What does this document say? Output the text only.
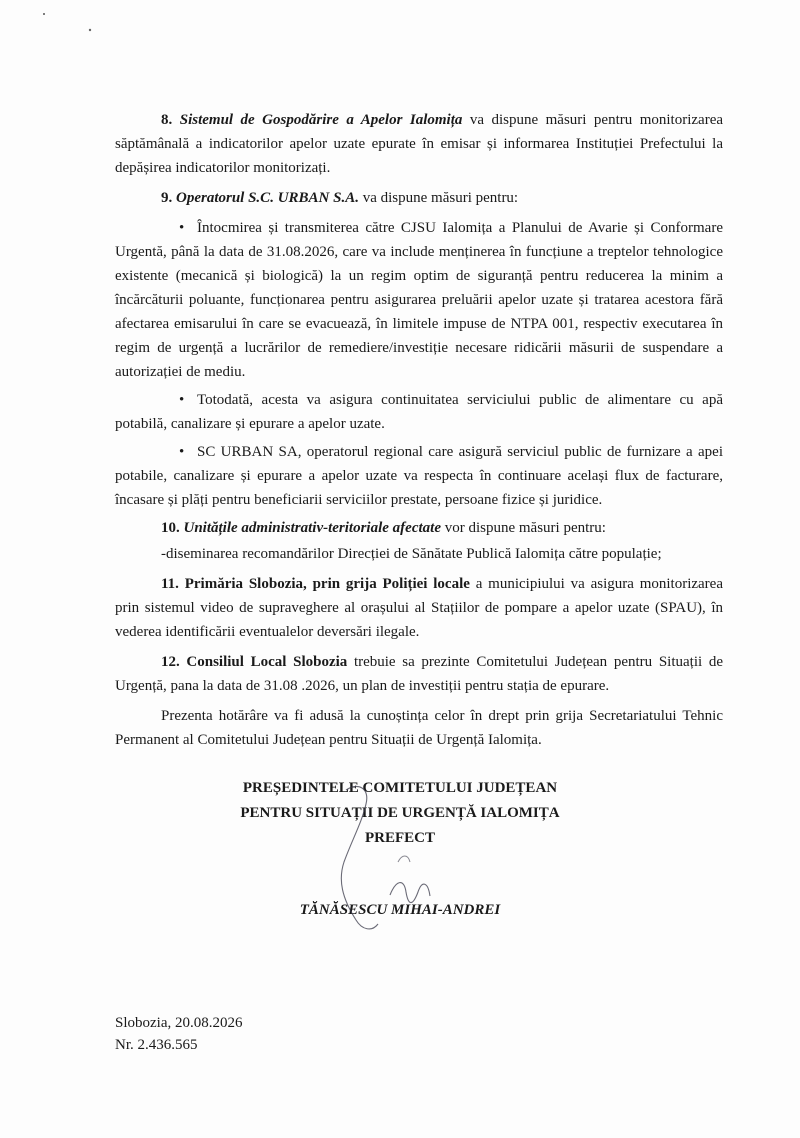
8. Sistemul de Gospodărire a Apelor Ialomița va dispune măsuri pentru monitorizarea săptămânală a indicatorilor apelor uzate epurate în emisar și informarea Instituției Prefectului la depășirea indicatorilor monitorizați.

9. Operatorul S.C. URBAN S.A. va dispune măsuri pentru:

• Întocmirea și transmiterea către CJSU Ialomița a Planului de Avarie și Conformare Urgentă, până la data de 31.08.2026, care va include menținerea în funcțiune a treptelor tehnologice existente (mecanică și biologică) la un regim optim de siguranță pentru reducerea la minim a încărcăturii poluante, funcționarea pentru asigurarea preluării apelor uzate și tratarea acestora fără afectarea emisarului în care se evacuează, în limitele impuse de NTPA 001, respectiv executarea în regim de urgență a lucrărilor de remediere/investiție necesare ridicării măsurii de suspendare a autorizației de mediu.

• Totodată, acesta va asigura continuitatea serviciului public de alimentare cu apă potabilă, canalizare și epurare a apelor uzate.

• SC URBAN SA, operatorul regional care asigură serviciul public de furnizare a apei potabile, canalizare și epurare a apelor uzate va respecta în continuare același flux de facturare, încasare și plăți pentru beneficiarii serviciilor prestate, persoane fizice și juridice.

10. Unitățile administrativ-teritoriale afectate vor dispune măsuri pentru:

-diseminarea recomandărilor Direcției de Sănătate Publică Ialomița către populație;

11. Primăria Slobozia, prin grija Poliției locale a municipiului va asigura monitorizarea prin sistemul video de supraveghere al orașului al Stațiilor de pompare a apelor uzate (SPAU), în vederea identificării eventualelor deversări ilegale.

12. Consiliul Local Slobozia trebuie sa prezinte Comitetului Județean pentru Situații de Urgență, pana la data de 31.08 .2026, un plan de investiții pentru stația de epurare.

Prezenta hotărâre va fi adusă la cunoștința celor în drept prin grija Secretariatului Tehnic Permanent al Comitetului Județean pentru Situații de Urgență Ialomița.

PREȘEDINTELE COMITETULUI JUDEȚEAN
PENTRU SITUAȚII DE URGENȚĂ IALOMIȚA
PREFECT
TĂNĂSESCU MIHAI-ANDREI
Slobozia, 20.08.2026
Nr. 2.436.565
